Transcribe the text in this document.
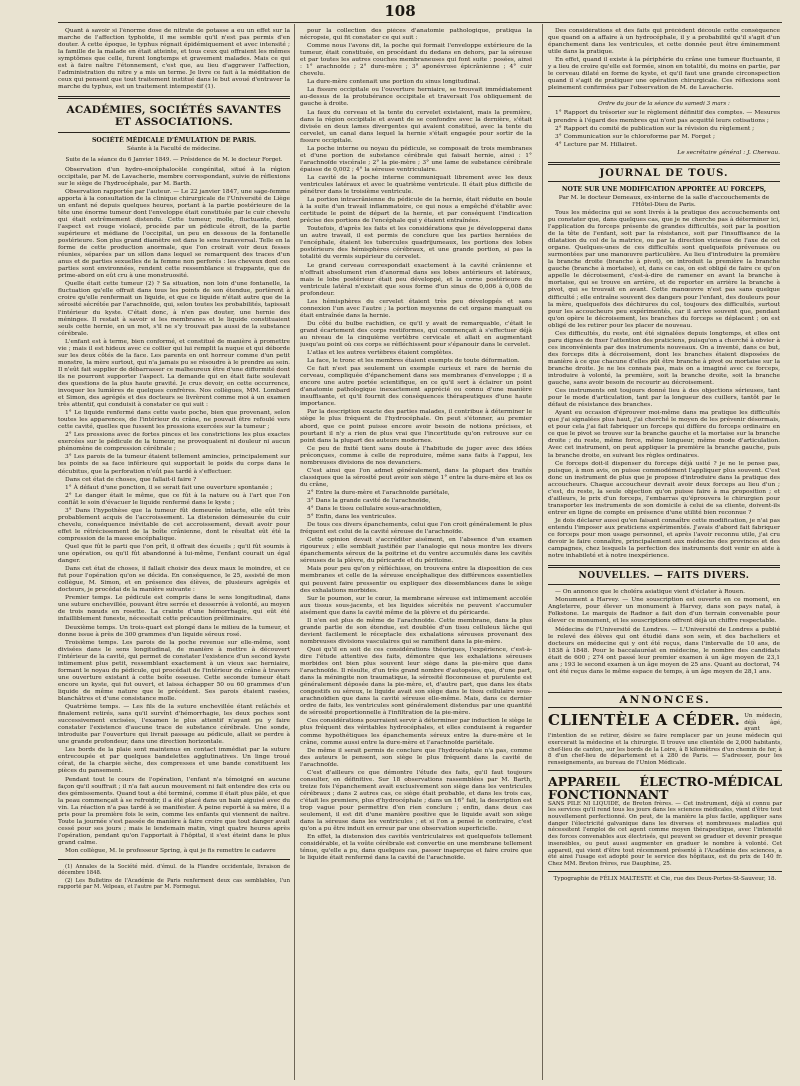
108

Quant à savoir si l'énorme dose de nitrate de potasse a eu un effet sur la marche de l'affection typhoïde, il me semble qu'il n'est pas permis d'en douter. À cette époque, le typhus régnait épidémiquement et avec intensité ; la famille de la malade en était atteinte, et tous ceux qui offraient les mêmes symptômes que celle, furent longtemps et gravement malades. Mais ce qui est à faire naître l'étonnement, c'est que, au lieu d'aggraver l'affection, l'administration du nitre y a mis un terme. Je livre ce fait à la méditation de ceux qui pensent que tout traitement institué dans le but avoué d'entraver la marche du typhus, est un traitement intempestif (1).

ACADÉMIES, SOCIÉTÉS SAVANTES ET ASSOCIATIONS.
SOCIÉTÉ MÉDICALE D'ÉMULATION DE PARIS.
Séante à la Faculté de médecine.
Suite de la séance du 6 Janvier 1849. — Présidence de M. le docteur Forget.

Observation d'un hydro-encéphalocèle congénital, situé à la région occipitale, par M. de Lavacherie, membre correspondant, suivie de réflexions sur le siège de l'hydrocéphale, par M. Barth.

Observation rapportée par l'auteur. — Le 22 janvier 1847, une sage-femme apporta à la consultation de la clinique chirurgicale de l'Université de Liège un enfant né depuis quelques heures, portant à la partie postérieure de la tête une énorme tumeur dont l'enveloppe était constituée par le cuir chevelu qui était extrêmement distendu. Cette tumeur, molle, fluctuante, dont l'aspect est rouge violacé, procède par un pédicule étroit, de la partie supérieure et médiane de l'occipital, un peu en dessous de la fontanelle postérieure. Son plus grand diamètre est dans le sens transversal. Telle en la forme de cette production anormale, que l'on croirait voir deux fesses réunies, séparées par un sillon dans lequel se remarquent des traces d'un anus et de parties sexuelles de la femme non perforés : les cheveux dont ces parties sont environnées, rendent cette ressemblance si frappante, que de prime-abord on eût cru à une monstruosité.

Quelle était cette tumeur (2) ? Sa situation, non loin d'une fontanelle, la fluctuation qu'elle offrait dans tous les points de son étendue, portèrent à croire qu'elle renfermait un liquide, et que ce liquide n'était autre que de la sérosité sécrétée par l'arachnoïde, qui, selon toutes les probabilités, tapissait l'intérieur du kyste. C'était donc, à n'en pas douter, une hernie des méninges. Il restait à savoir si les membranes et le liquide constituaient seuls cette hernie, en un mot, s'il ne s'y trouvait pas aussi de la substance cérébrale.

L'enfant est à terme, bien conformé, et constitué de manière à promettre vie ; mais il est hideux avec ce collier qui lui remplit la nuque et qui déborde sur les deux côtés de la face. Les parents en ont horreur comme d'un petit monstre, la mère surtout, qui n'a jamais pu se résoudre à le prendre au sein. Il n'eût fait supplier de débarrasser ce malheureux être d'une difformité dont ils ne pourront supporter l'aspect. La demande qui en était faite soulevait des questions de la plus haute gravité. Je crus devoir, en cette occurrence, invoquer les lumières de quelques confrères. Nos collègues, MM. Lombard et Simon, des agrégés et des docteurs se livrèrent comme moi à un examen très attentif, qui conduisit à constater ce qui suit :

1° Le liquide renfermé dans cette vaste poche, bien que provenant, selon toutes les apparences, de l'intérieur du crâne, ne pouvait être refoulé vers cette cavité, quelles que fussent les pressions exercées sur la tumeur ;

2° Les pressions avec de fortes pinces et les constrictions les plus exactes exercées sur le pédicule de la tumeur, ne provoquaient ni douleur ni aucun phénomène de compression cérébrale ;

3° Les parois de la tumeur étaient tellement amincies, principalement sur les points de sa face inférieure qui supportait le poids du corps dans le décubitus, que la perforation n'eût pas tardé à s'effectuer.

Dans cet état de choses, que fallait-il faire ?

1° À défaut d'une ponction, il se serait fait une ouverture spontanée ;

2° Le danger était le même, que ce fût à la nature ou à l'art que l'on confiât le soin d'évacuer le liquide renfermé dans le kyste ;

3° Dans l'hypothèse que la tumeur fût demeurée intacte, elle eût très probablement acquis de l'accroissement. La distension démesurée du cuir chevelu, conséquence inévitable de cet accroissement, devait avoir pour effet le rétrécissement de la boîte crânienne, dont le résultat eût été la compression de la masse encéphalique.

Quel que fût le parti que l'on prît, il offrait des écueils ; qu'il fût soumis à une opération, ou qu'il fût abandonné à lui-même, l'enfant courait un égal danger.

Dans cet état de choses, il fallait choisir des deux maux le moindre, et ce fut pour l'opération qu'on se décida. En conséquence, le 25, assisté de mon collègue, M. Simon, et en présence des élèves, de plusieurs agrégés et docteurs, je procédai de la manière suivante :

Premier temps. Le pédicule est compris dans le sens longitudinal, dans une suture enchevillée, pouvant être serrée et desserrée à volonté, au moyen de trois nœuds en rosette. La crainte d'une hémorrhagie, qui eût été infailliblement funeste, nécessitait cette précaution préliminaire.

Deuxième temps. Un trois-quart est plongé dans le milieu de la tumeur, et donne issue à près de 300 grammes d'un liquide séreux rosé.

Troisième temps. Les parois de la poche revenue sur elle-même, sont divisées dans le sens longitudinal, de manière à mettre à découvert l'intérieur de la cavité, qui permet de constater l'existence d'un second kyste intimement plus petit, ressemblant exactement à un vieux sac herniaire, formant le noyau du pédicule, qui procédait de l'intérieur du crâne à travers une ouverture existant à cette boîte osseuse. Cette seconde tumeur était encore un kyste, qui fut ouvert, et laissa échapper 50 ou 60 grammes d'un liquide de même nature que le précédent. Ses parois étaient rasées, blanchâtres et d'une consistance molle.

Quatrième temps. — Les fils de la suture enchevillée étant relâchés et finalement retirés, sans qu'il survînt d'hémorrhagie, les deux poches sont successivement excisées, l'examen le plus attentif n'ayant pu y faire constater l'existence d'aucune trace de substance cérébrale. Une sonde, introduite par l'ouverture qui livrait passage au pédicule, allait se perdre à une grande profondeur, dans une direction horizontale.

Les bords de la plaie sont maintenus en contact immédiat par la suture entrecoupée et par quelques bandelettes agglutinatives. Un linge troué cérat, de la charpie sèche, des compresses et une bande constituent les pièces du pansement.

Pendant tout le cours de l'opération, l'enfant n'a témoigné en aucune façon qu'il souffrait ; il n'a fait aucun mouvement ni fait entendre des cris ou des gémissements. Quand tout a été terminé, comme il était plus pâle, et que la peau commençait à se refroidir, il a été placé dans un bain aiguisé avec du vin. La réaction n'a pas tardé à se manifester. À peine reporté à sa mère, il a pris pour la première fois le sein, comme les enfants qui viennent de naître. Toute la journée s'est passée de manière à faire croire que tout danger avait cessé pour ses jours ; mais le lendemain matin, vingt quatre heures après l'opération, pendant qu'on l'apportait à l'hôpital, il s'est éteint dans le plus grand calme.

Mon collègue, M. le professeur Spring, à qui je fis remettre le cadavre

(1) Annales de la Société méd. d'émul. de la Flandre occidentale, livraison de décembre 1848.

(2) Les Bulletins de l'Académie de Paris renferment deux cas semblables, l'un rapporté par M. Velpeau, et l'autre par M. Formegui.

pour la collection des pièces d'anatomie pathologique, pratiqua la nécropsie, qui fit constater ce qui suit :

Comme nous l'avons dit, la poche qui formait l'enveloppe extérieure de la tumeur, était constituée, en procédant du dedans en dehors, par la séreuse et par toutes les autres couches membraneuses qui font suite : posées, ainsi : 1° arachnoïde ; 2° dure-mère ; 3° aponévrose épicrânienne ; 4° cuir chevelu.

La dure-mère contenait une portion du sinus longitudinal.

La fissure occipitale ou l'ouverture herniaire, se trouvait immédiatement au-dessus de la protubérance occipitale et traversait l'os obliquement de gauche à droite.

La faux du cerveau et la tente du cervelet existaient, mais la première, dans la région occipitale et avant de se confondre avec la dernière, s'était divisée en deux lames divergentes qui avaient constitué, avec la tente du cervelet, un canal dans lequel la hernie s'était engagée pour sortir de la fissure occipitale.

La poche interne ou noyau du pédicule, se composait de trois membranes et d'une portion de substance cérébrale qui faisait hernie, ainsi : 1° l'arachnoïde viscérale ; 2° la pie-mère ; 3° une lame de substance cérébrale épaisse de 0,002 ; 4° la séreuse ventriculaire.

La cavité de la poche interne communiquait librement avec les deux ventricules latéraux et avec le quatrième ventricule. Il était plus difficile de pénétrer dans le troisième ventricule.

La portion intracrânienne du pédicule de la hernie, était réduite en boule à la suite d'un travail inflammatoire, ce qui nous a empêché d'établir avec certitude le point de départ de la hernie, et par conséquent l'indication précise des portions de l'encéphale qui y étaient entraînées.

Toutefois, d'après les faits et les considérations que je développerai dans un autre travail, il est permis de conclure que les parties herniées de l'encéphale, étaient les tubercules quadrijumeaux, les portions des lobes postérieurs des hémisphères cérébraux, et une grande portion, si pas la totalité du vermis supérieur du cervelet.

Le grand cerveau correspondait exactement à la cavité crânienne et n'offrait absolument rien d'anormal dans ses lobes antérieurs et latéraux, mais le lobe postérieur était peu développé, et la corne postérieure du ventricule latéral n'existait que sous forme d'un sinus de 0,006 à 0,008 de profondeur.

Les hémisphères du cervelet étaient très peu développés et sans connexion l'un avec l'autre ; la portion moyenne de cet organe manquait ou était entraînée dans la hernie.

Du côté du bulbe rachidien, ce qu'il y avait de remarquable, c'était le grand écartement des corps restiformes, qui commençait à s'effectuer déjà au niveau de la cinquième vertèbre cervicale et allait en augmentant jusqu'au point où ces corps se réfléchissent pour s'épanouir dans le cervelet.

L'atlas et les autres vertèbres étaient complètes.

La face, le tronc et les membres étaient exempts de toute déformation.

Ce fait n'est pas seulement un exemple curieux et rare de hernie du cerveau, compliquée d'épanchement dans ses membranes d'enveloppe ; il a encore une autre portée scientifique, en ce qu'il sert à éclairer un point d'anatomie pathologique inexactement apprécié ou connu d'une manière insuffisante, et qu'il fournit des conséquences thérapeutiques d'une haute importance.

Par la description exacte des parties malades, il contribue à déterminer le siège le plus fréquent de l'hydrocéphale. On peut s'étonner, au premier abord, que ce point puisse encore avoir besoin de notions précises, et pourtant il n'y a rien de plus vrai que l'incertitude qu'on retrouve sur ce point dans la plupart des auteurs modernes.

Ce peu de fixité tient sans doute à l'habitude de juger avec des idées préconçues, comme à celle de reproduire, même sans faits à l'appui, les nombreuses divisions de nos devanciers.

C'est ainsi que l'on admet généralement, dans la plupart des traités classiques que la sérosité peut avoir son siège 1° entre la dure-mère et les os du crâne,

2° Entre la dure-mère et l'arachnoïde pariétale,

3° Dans la grande cavité de l'arachnoïde,

4° Dans le tissu cellulaire sous-arachnoïdien,

5° Enfin, dans les ventricules.

De tous ces divers épanchements, celui que l'on croit généralement le plus fréquent est celui de la cavité séreuse de l'arachnoïde.

Cette opinion devait s'accréditer aisément, en l'absence d'un examen rigoureux ; elle semblait justifiée par l'analogie qui nous montre les divers épanchements séreux de la poitrine et du ventre accumulés dans les cavités séreuses de la plèvre, du péricarde et du péritoine.

Mais pour peu qu'on y réfléchisse, on trouvera entre la disposition de ces membranes et celle de la séreuse encéphalique des différences essentielles qui peuvent faire pressentir ou expliquer des dissemblances dans le siège des exhalations morbides.

Sur le poumon, sur le cœur, la membrane séreuse est intimement accolée aux tissus sous-jacents, et les liquides sécrétés ne peuvent s'accumuler aisément que dans la cavité même de la plèvre et du péricarde.

Il n'en est plus de même de l'arachnoïde. Cette membrane, dans la plus grande partie de son étendue, est doublée d'un tissu celluleux lâche qui devient facilement le réceptacle des exhalations séreuses provenant des nombreuses divisions vasculaires qui se ramifient dans la pie-mère.

Quoi qu'il en soit de ces considérations théoriques, l'expérience, c'est-à-dire l'étude attentive des faits, démontre que les exhalations séreuses morbides ont bien plus souvent leur siège dans la pie-mère que dans l'arachnoïde. Il résulte, d'un très grand nombre d'autopsies, que, d'une part, dans la méningite non traumatique, la sérosité floconneuse et purulente est généralement déposée dans la pie-mère, et, d'autre part, que dans les états congestifs ou séreux, le liquide avait son siège dans le tissu cellulaire sous-arachnoïdien que dans la cavité séreuse elle-même. Mais, dans ce dernier ordre de faits, les ventricules sont généralement distendus par une quantité de sérosité proportionnelle à l'infiltration de la pie-mère.

Ces considérations pourraient servir à déterminer par induction le siège le plus fréquent des véritables hydrocéphales, et elles conduisent à regarder comme hypothétiques les épanchements séreux entre la dure-mère et le crâne, comme aussi entre la dure-mère et l'arachnoïde pariétale.

De même il serait permis de conclure que l'hydrocéphale n'a pas, comme des auteurs le pensent, son siège le plus fréquent dans la cavité de l'arachnoïde.

C'est d'ailleurs ce que démontre l'étude des faits, qu'il faut toujours consulter, en définitive. Sur 18 observations rassemblées par M. Barth, treize fois l'épanchement avait exclusivement son siège dans les ventricules cérébraux ; dans 2 autres cas, ce siège était probable, et dans les trois cas, c'était les premiers, plus d'hydrocéphale ; dans un 16° fait, la description est trop vague pour permettre d'en rien conclure ; enfin, dans deux cas seulement, il est dit d'une manière positive que le liquide avait son siège dans la séreuse dans les ventricules ; et si l'on a pensé le contraire, c'est qu'on a pu être induit en erreur par une observation superficielle.

En effet, la distension des cavités ventriculaires est quelquefois tellement considérable, et la voûte cérébrale est convertie en une membrane tellement ténue, qu'elle a pu, dans quelques cas, passer inaperçue et faire croire que le liquide était renfermé dans la cavité de l'arachnoïde.

Des considérations et des faits qui précèdent découle cette conséquence que quand on a affaire à un hydrocéphale, il y a probabilité qu'il s'agit d'un épanchement dans les ventricules, et cette donnée peut être éminemment utile dans la pratique.

En effet, quand il existe à la périphérie du crâne une tumeur fluctuante, il y a lieu de croire qu'elle est formée, sinon en totalité, du moins en partie, par le cerveau dilaté en forme de kyste, et qu'il faut une grande circonspection quand il s'agit de pratiquer une opération chirurgicale. Ces réflexions sont pleinement confirmées par l'observation de M. de Lavacherie.

Ordre du jour de la séance du samedi 3 mars :

1° Rapport du trésorier sur le règlement définitif des comptes. — Mesures à prendre à l'égard des membres qui n'ont pas acquitté leurs cotisations ;

2° Rapport du comité de publication sur la révision du règlement ;

3° Communication sur le chloroforme par M. Forget ;

4° Lecture par M. Hillairet.

Le secrétaire général : J. Chereau.

JOURNAL DE TOUS.
NOTE SUR UNE MODIFICATION APPORTÉE AU FORCEPS,

Par M. le docteur Demeaux, ex-interne de la salle d'accouchements de l'Hôtel-Dieu de Paris.

Tous les médecins qui se sont livrés à la pratique des accouchements ont pu constater que, dans quelques cas, que je ne cherche pas à déterminer ici, l'application du forceps présente de grandes difficultés, soit par la position de la tête de l'enfant, soit par la résistance, soit par l'insuffisance de la dilatation du col de la matrice, ou par la direction vicieuse de l'axe de cet organe. Quelques-unes de ces difficultés sont quelquefois prévenues ou surmontées par une manœuvre particulière. Au lieu d'introduire la première la branche droite (branche à pivot), on introduit la première la branche gauche (branche à mortaise), et, dans ce cas, on est obligé de faire ce qu'on appelle le décroisement, c'est-à-dire de ramener en avant la branche à mortaise, qui se trouve en arrière, et de reporter en arrière la branche à pivot, qui se trouvait en avant. Cette manœuvre n'est pas sans quelque difficulté ; elle entraîne souvent des dangers pour l'enfant, des douleurs pour la mère, quelquefois des déchirures du col, toujours des difficultés, surtout pour les accoucheurs peu expérimentés, car il arrive souvent que, pendant qu'on opère le décroisement, les branches du forceps se déplacent ; on est obligé de les retirer pour les placer de nouveau.

Ces difficultés, du reste, ont été signalées depuis longtemps, et elles ont paru dignes de fixer l'attention des praticiens, puisqu'on a cherché à obvier à ces inconvénients par des instruments nouveaux. On a inventé, dans ce but, des forceps dits à décroisement, dont les branches étaient disposées de manière à ce que chacune d'elles pût être branche à pivot ou mortaise sur la branche droite. Je ne les connais pas, mais on a imaginé avec ce forceps, introduire à volonté, la première, soit la branche droite, soit la branche gauche, sans avoir besoin de recourir au décroisement.

Ces instruments ont toujours donné lieu à des objections sérieuses, tant pour le mode d'articulation, tant par la longueur des cuillers, tantôt par le défaut de résistance des branches.

Ayant eu occasion d'éprouver moi-même dans ma pratique les difficultés que j'ai signalées plus haut, j'ai cherché le moyen de les prévenir désormais, et pour cela j'ai fait fabriquer un forceps qui diffère du forceps ordinaire en ce que le pivot se trouve sur la branche gauche et la mortaise sur la branche droite ; du reste, même force, même longueur, même mode d'articulation. Avec cet instrument, on peut appliquer la première la branche gauche, puis la branche droite, en suivant les règles ordinaires.

Ce forceps doit-il dispenser du forceps déjà usité ? je ne le pense pas, puisque, à mon avis, on puisse commodément l'appliquer plus souvent. C'est donc un instrument de plus que je propose d'introduire dans la pratique des accoucheurs. Chaque accoucheur devrait avoir deux forceps au lieu d'un ; c'est, du reste, la seule objection qu'on puisse faire à ma proposition ; et d'ailleurs, le prix d'un forceps, l'embarras qu'éprouvera le chirurgien pour transporter les instruments de son domicile à celui de sa cliente, doivent-ils entrer en ligne de compte en présence d'une utilité bien reconnue ?

Je dois déclarer aussi qu'en faisant connaître cette modification, je n'ai pas entendu l'imposer aux praticiens expérimentés. J'avais d'abord fait fabriquer ce forceps pour mon usage personnel, et après l'avoir reconnu utile, j'ai cru devoir le faire connaître, principalement aux médecins des provinces et des campagnes, chez lesquels la perfection des instruments doit venir en aide à notre inhabileté et à notre inexpérience.

NOUVELLES. — FAITS DIVERS.

— On annonce que le choléra asiatique vient d'éclater à Rouen.

Monument a Harvey. — Une souscription est ouverte en ce moment, en Angleterre, pour élever un monument à Harvey, dans son pays natal, à Folkstone. Le marquis de Radnor a fait don d'un terrain convenable pour élever ce monument, et les souscriptions offrent déjà un chiffre respectable.

Médecins de l'Université de Londres. — L'Université de Londres a publié le relevé des élèves qui ont étudié dans son sein, et des bacheliers et docteurs en médecine qui y ont été reçus, dans l'intervalle de 10 ans, de 1838 à 1848. Pour le baccalauréat en médecine, le nombre des candidats était de 600 ; 274 ont passé leur premier examen à un âge moyen de 23,1 ans ; 193 le second examen à un âge moyen de 25 ans. Quant au doctorat, 74 ont été reçus dans le même espace de temps, à un âge moyen de 28,1 ans.

ANNONCES.
CLIENTÈLE A CÉDER. Un médecin, déjà âgé, ayant l'intention de se retirer, désire se faire remplacer par un jeune médecin qui exercerait la médecine et la chirurgie. Il trouve une clientèle de 2,000 habitants, chef-lieu de canton, sur les bords de la Loire, à 8 kilomètres d'un chemin de fer, à 8 d'un chef-lieu de département et à 280 de Paris. — S'adresser, pour les renseignements, au bureau de l'Union Médicale.
APPAREIL ÉLECTRO-MÉDICAL FONCTIONNANT
SANS PILE NI LIQUIDE, de Breton frères. — Cet instrument, déjà si connu par les services qu'il rend tous les jours dans les sciences médicales, vient d'être tout nouvellement perfectionné. On peut, de la manière la plus facile, appliquer sans danger l'électricité galvanique dans les diverses et nombreuses maladies qui nécessitent l'emploi de cet agent comme moyen thérapeutique, avec l'intensité des forces convenables aux électrisés, qui peuvent se graduer et devenir presque insensibles, ou peut aussi augmenter en graduer le nombre à volonté. Cet appareil, qui vient d'être tout récemment présenté à l'Académie des sciences, a été ainsi l'usage est adopté pour le service des hôpitaux, est du prix de 140 fr. Chez MM. Breton frères, rue Dauphine, 25.
Typographie de FÉLIX MALTESTE et Cie, rue des Deux-Portes-St-Sauveur, 18.
